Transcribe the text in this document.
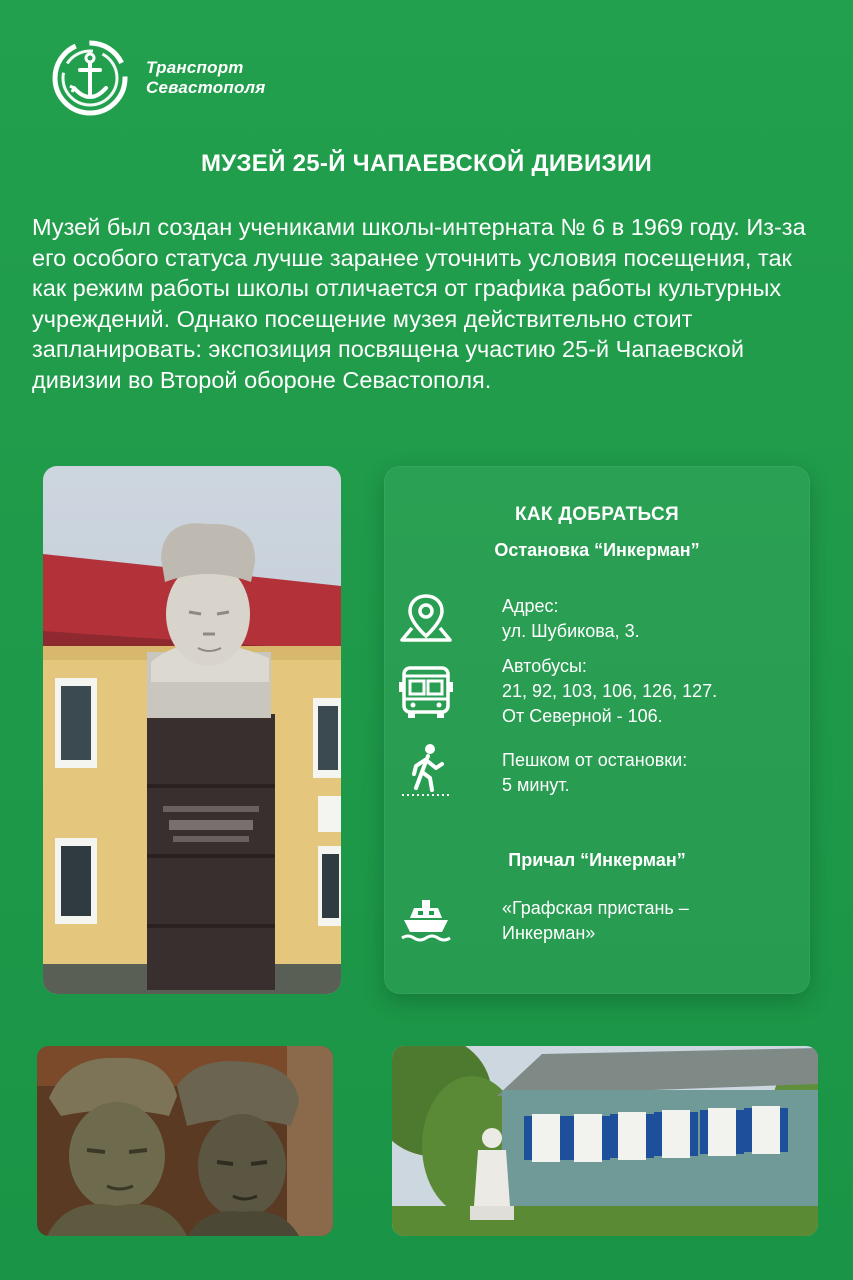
Транспорт
Севастополя
МУЗЕЙ 25-Й ЧАПАЕВСКОЙ ДИВИЗИИ
Музей был создан учениками школы-интерната № 6 в 1969 году. Из-за его особого статуса лучше заранее уточнить условия посещения, так как режим работы школы отличается от графика работы культурных учреждений. Однако посещение музея действительно стоит запланировать: экспозиция посвящена участию 25-й Чапаевской дивизии во Второй обороне Севастополя.
КАК ДОБРАТЬСЯ
Остановка “Инкерман”
Адрес:
ул. Шубикова, 3.
Автобусы:
21, 92, 103, 106, 126, 127.
От Северной - 106.
Пешком от остановки:
5 минут.
Причал “Инкерман”
«Графская пристань –
Инкерман»
